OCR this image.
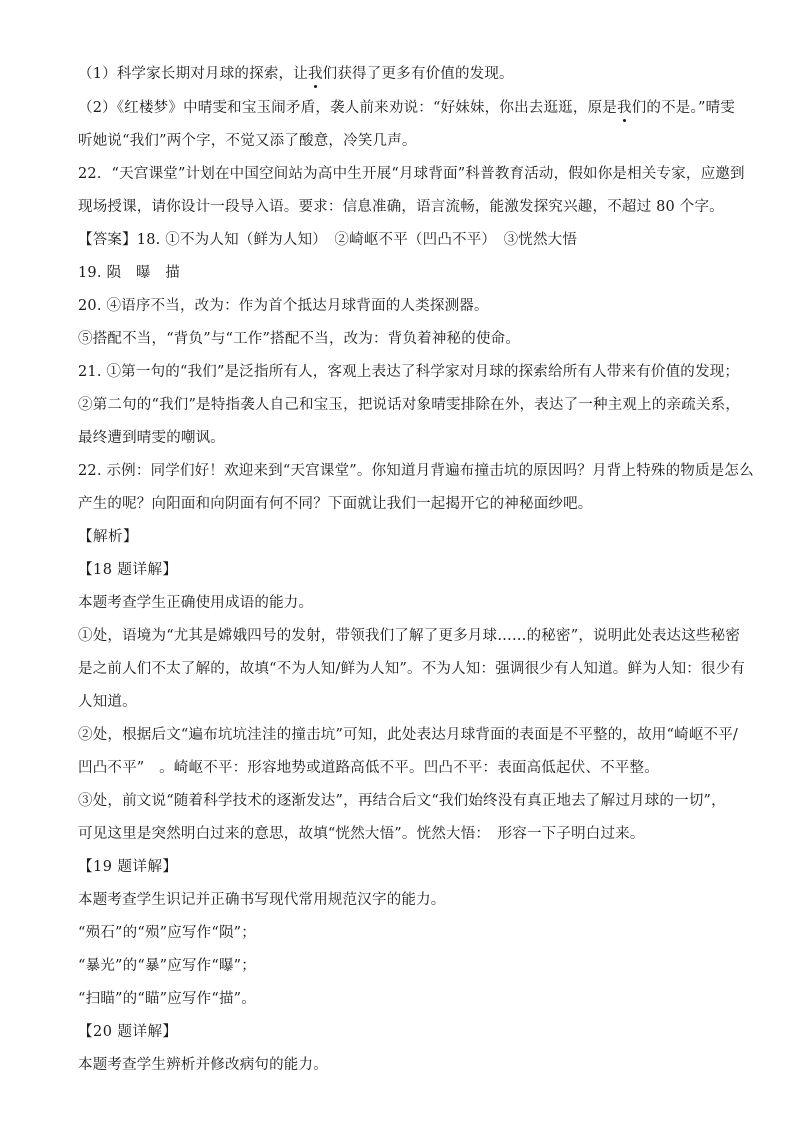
（1）科学家长期对月球的探索，让我们获得了更多有价值的发现。
（2）《红楼梦》中晴雯和宝玉闹矛盾，袭人前来劝说：“好妹妹，你出去逛逛，原是我们的不是。”晴雯
听她说“我们”两个字，不觉又添了酸意，冷笑几声。
22．“天宫课堂”计划在中国空间站为高中生开展“月球背面”科普教育活动，假如你是相关专家，应邀到
现场授课，请你设计一段导入语。要求：信息准确，语言流畅，能激发探究兴趣，不超过 80 个字。
【答案】18. ①不为人知（鲜为人知）　②崎岖不平（凹凸不平）　③恍然大悟
19. 陨　曝　描
20. ④语序不当，改为：作为首个抵达月球背面的人类探测器。
⑤搭配不当，“背负”与“工作”搭配不当，改为：背负着神秘的使命。
21. ①第一句的“我们”是泛指所有人，客观上表达了科学家对月球的探索给所有人带来有价值的发现；
②第二句的“我们”是特指袭人自己和宝玉，把说话对象晴雯排除在外，表达了一种主观上的亲疏关系，
最终遭到晴雯的嘲讽。
22. 示例：同学们好！欢迎来到“天宫课堂”。你知道月背遍布撞击坑的原因吗？月背上特殊的物质是怎么
产生的呢？向阳面和向阴面有何不同？下面就让我们一起揭开它的神秘面纱吧。
【解析】
【18 题详解】
本题考查学生正确使用成语的能力。
①处，语境为“尤其是嫦娥四号的发射，带领我们了解了更多月球……的秘密”，说明此处表达这些秘密
是之前人们不太了解的，故填“不为人知/鲜为人知”。不为人知：强调很少有人知道。鲜为人知：很少有
人知道。
②处，根据后文“遍布坑坑洼洼的撞击坑”可知，此处表达月球背面的表面是不平整的，故用“崎岖不平/
凹凸不平”　。崎岖不平：形容地势或道路高低不平。凹凸不平：表面高低起伏、不平整。
③处，前文说“随着科学技术的逐渐发达”，再结合后文“我们始终没有真正地去了解过月球的一切”，
可见这里是突然明白过来的意思，故填“恍然大悟”。恍然大悟：　形容一下子明白过来。
【19 题详解】
本题考查学生识记并正确书写现代常用规范汉字的能力。
“殒石”的“殒”应写作“陨”；
“暴光”的“暴”应写作“曝”；
“扫瞄”的“瞄”应写作“描”。
【20 题详解】
本题考查学生辨析并修改病句的能力。
